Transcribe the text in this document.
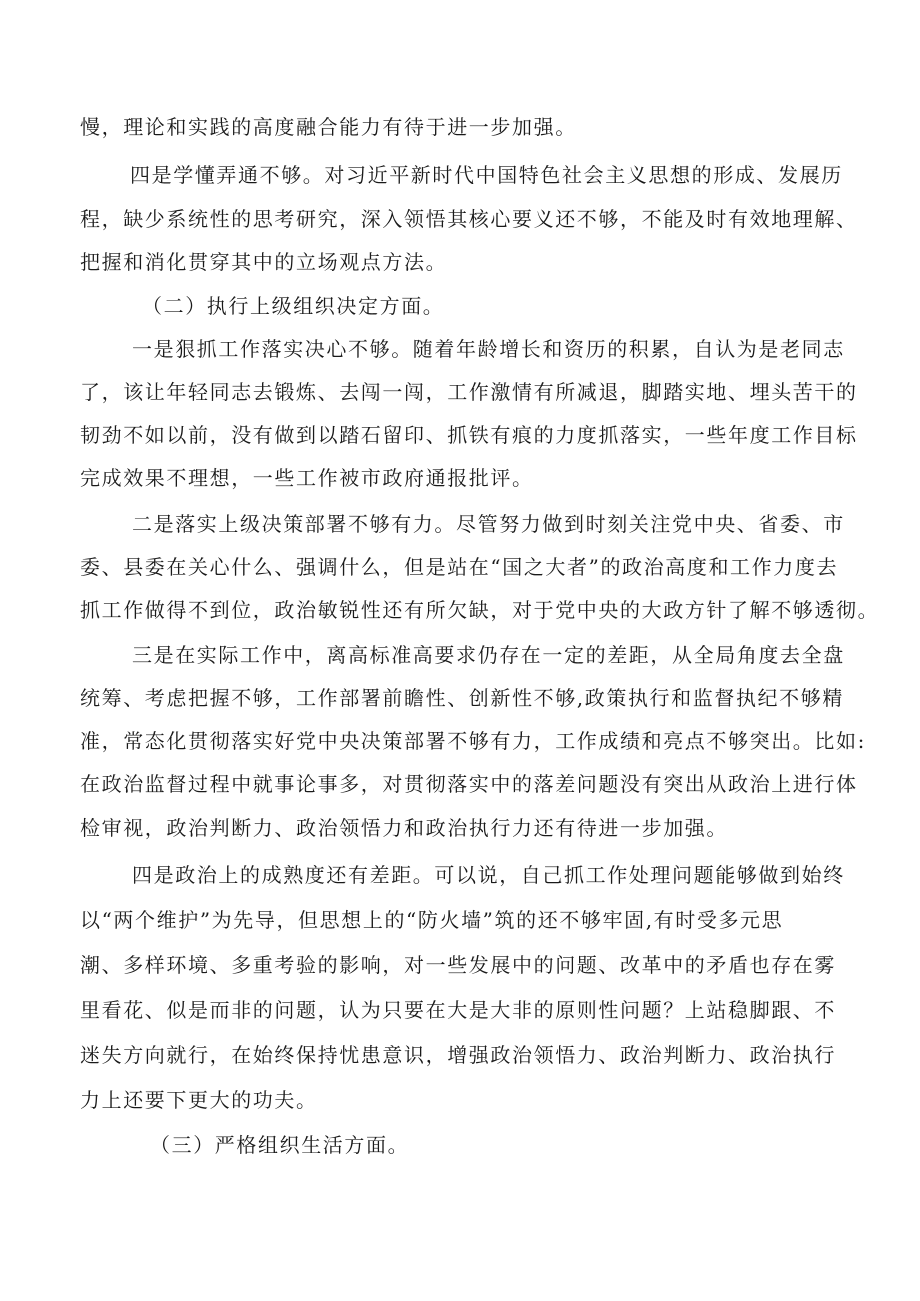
慢，理论和实践的高度融合能力有待于进一步加强。
四是学懂弄通不够。对习近平新时代中国特色社会主义思想的形成、发展历
程，缺少系统性的思考研究，深入领悟其核心要义还不够，不能及时有效地理解、
把握和消化贯穿其中的立场观点方法。
（二）执行上级组织决定方面。
一是狠抓工作落实决心不够。随着年龄增长和资历的积累，自认为是老同志
了，该让年轻同志去锻炼、去闯一闯，工作激情有所减退，脚踏实地、埋头苦干的
韧劲不如以前，没有做到以踏石留印、抓铁有痕的力度抓落实，一些年度工作目标
完成效果不理想，一些工作被市政府通报批评。
二是落实上级决策部署不够有力。尽管努力做到时刻关注党中央、省委、市
委、县委在关心什么、强调什么，但是站在“国之大者”的政治高度和工作力度去
抓工作做得不到位，政治敏锐性还有所欠缺，对于党中央的大政方针了解不够透彻。
三是在实际工作中，离高标准高要求仍存在一定的差距，从全局角度去全盘
统筹、考虑把握不够，工作部署前瞻性、创新性不够,政策执行和监督执纪不够精
准，常态化贯彻落实好党中央决策部署不够有力，工作成绩和亮点不够突出。比如:
在政治监督过程中就事论事多，对贯彻落实中的落差问题没有突出从政治上进行体
检审视，政治判断力、政治领悟力和政治执行力还有待进一步加强。
四是政治上的成熟度还有差距。可以说，自己抓工作处理问题能够做到始终
以“两个维护”为先导，但思想上的“防火墙”筑的还不够牢固,有时受多元思
潮、多样环境、多重考验的影响，对一些发展中的问题、改革中的矛盾也存在雾
里看花、似是而非的问题，认为只要在大是大非的原则性问题？上站稳脚跟、不
迷失方向就行，在始终保持忧患意识，增强政治领悟力、政治判断力、政治执行
力上还要下更大的功夫。
（三）严格组织生活方面。
